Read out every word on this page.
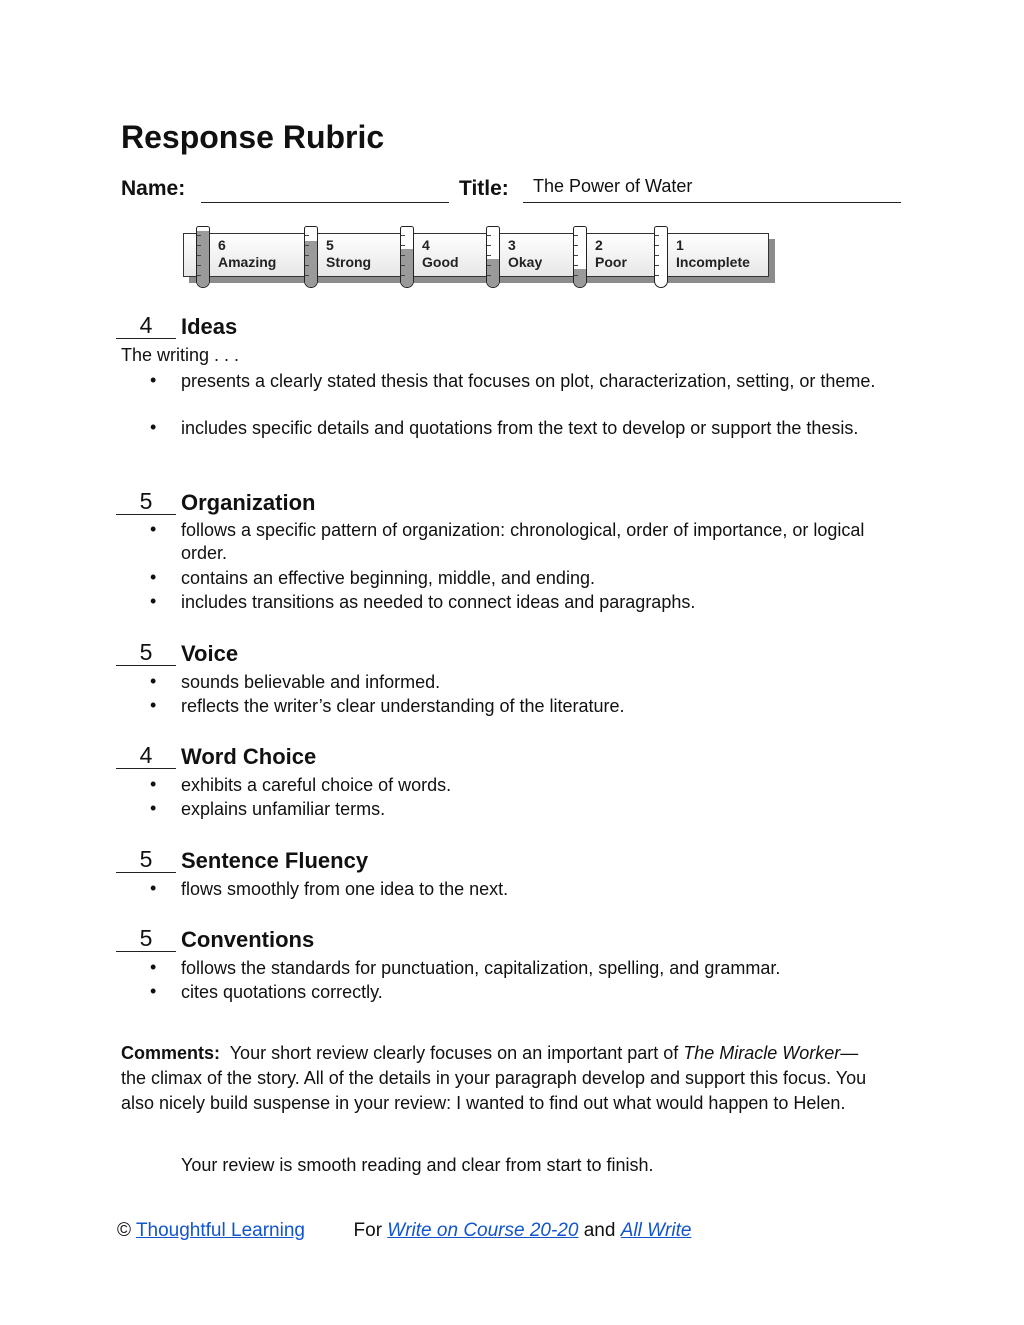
Response Rubric
Name:	Title: The Power of Water
6
Amazing
5
Strong
4
Good
3
Okay
2
Poor
1
Incomplete
4	Ideas
The writing . . .
• presents a clearly stated thesis that focuses on plot, characterization, setting, or theme.
• includes specific details and quotations from the text to develop or support the thesis.
5	Organization
• follows a specific pattern of organization: chronological, order of importance, or logical order.
• contains an effective beginning, middle, and ending.
• includes transitions as needed to connect ideas and paragraphs.
5	Voice
• sounds believable and informed.
• reflects the writer’s clear understanding of the literature.
4	Word Choice
• exhibits a careful choice of words.
• explains unfamiliar terms.
5	Sentence Fluency
• flows smoothly from one idea to the next.
5	Conventions
• follows the standards for punctuation, capitalization, spelling, and grammar.
• cites quotations correctly.
Comments: Your short review clearly focuses on an important part of The Miracle Worker—the climax of the story. All of the details in your paragraph develop and support this focus. You also nicely build suspense in your review: I wanted to find out what would happen to Helen.
Your review is smooth reading and clear from start to finish.
© Thoughtful Learning	For Write on Course 20-20 and All Write
